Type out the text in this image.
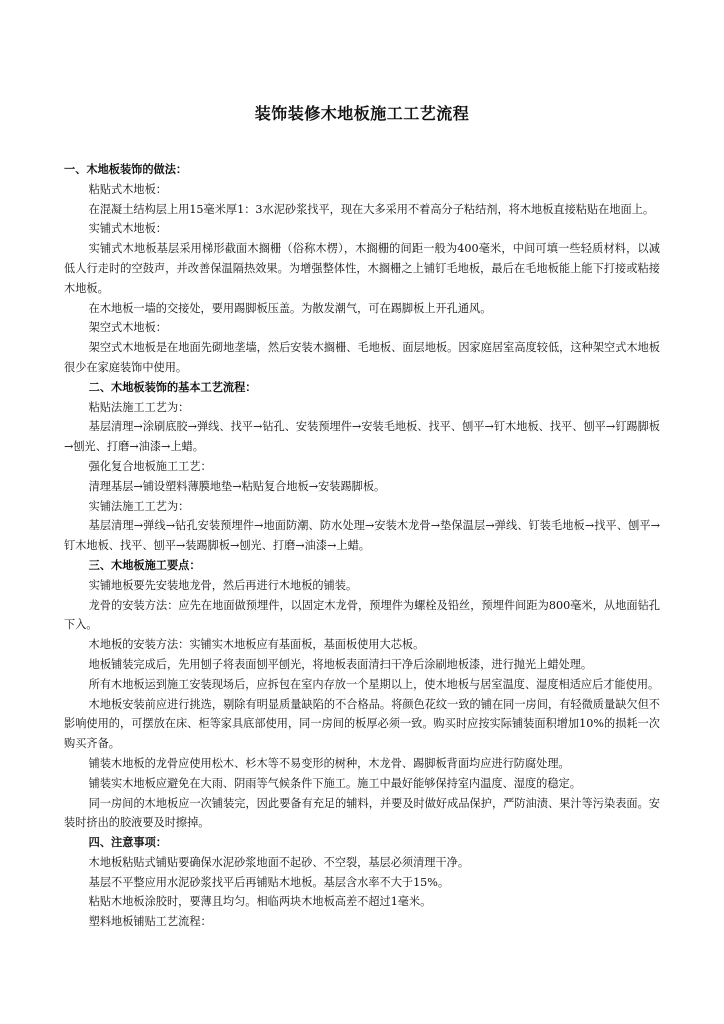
装饰装修木地板施工工艺流程

一、木地板装饰的做法：

粘贴式木地板：

在混凝土结构层上用15毫米厚1：3水泥砂浆找平，现在大多采用不着高分子粘结剂，将木地板直接粘贴在地面上。

实铺式木地板：

实铺式木地板基层采用梯形截面木搁栅（俗称木楞），木搁栅的间距一般为400毫米，中间可填一些轻质材料，以减低人行走时的空鼓声，并改善保温隔热效果。为增强整体性，木搁栅之上铺钉毛地板，最后在毛地板能上能下打接或粘接木地板。

在木地板一墙的交接处，要用踢脚板压盖。为散发潮气，可在踢脚板上开孔通风。

架空式木地板：

架空式木地板是在地面先砌地垄墙，然后安装木搁栅、毛地板、面层地板。因家庭居室高度较低，这种架空式木地板很少在家庭装饰中使用。

二、木地板装饰的基本工艺流程：

粘贴法施工工艺为：

基层清理→涂刷底胶→弹线、找平→钻孔、安装预埋件→安装毛地板、找平、刨平→钉木地板、找平、刨平→钉踢脚板→刨光、打磨→油漆→上蜡。

强化复合地板施工工艺：

清理基层→铺设塑料薄膜地垫→粘贴复合地板→安装踢脚板。

实铺法施工工艺为：

基层清理→弹线→钻孔安装预埋件→地面防潮、防水处理→安装木龙骨→垫保温层→弹线、钉装毛地板→找平、刨平→钉木地板、找平、刨平→装踢脚板→刨光、打磨→油漆→上蜡。

三、木地板施工要点：

实铺地板要先安装地龙骨，然后再进行木地板的铺装。

龙骨的安装方法：应先在地面做预埋件，以固定木龙骨，预埋件为螺栓及铅丝，预埋件间距为800毫米，从地面钻孔下入。

木地板的安装方法：实铺实木地板应有基面板，基面板使用大芯板。

地板铺装完成后，先用刨子将表面刨平刨光，将地板表面清扫干净后涂刷地板漆，进行抛光上蜡处理。

所有木地板运到施工安装现场后，应拆包在室内存放一个星期以上，使木地板与居室温度、湿度相适应后才能使用。

木地板安装前应进行挑选，剔除有明显质量缺陷的不合格品。将颜色花纹一致的铺在同一房间，有轻微质量缺欠但不影响使用的，可摆放在床、柜等家具底部使用，同一房间的板厚必须一致。购买时应按实际铺装面积增加10%的损耗一次购买齐备。

铺装木地板的龙骨应使用松木、杉木等不易变形的树种，木龙骨、踢脚板背面均应进行防腐处理。

铺装实木地板应避免在大雨、阴雨等气候条件下施工。施工中最好能够保持室内温度、湿度的稳定。

同一房间的木地板应一次铺装完，因此要备有充足的辅料，并要及时做好成品保护，严防油渍、果汁等污染表面。安装时挤出的胶液要及时擦掉。

四、注意事项：

木地板粘贴式铺贴要确保水泥砂浆地面不起砂、不空裂，基层必须清理干净。

基层不平整应用水泥砂浆找平后再铺贴木地板。基层含水率不大于15%。

粘贴木地板涂胶时，要薄且均匀。相临两块木地板高差不超过1毫米。

塑料地板铺贴工艺流程：
